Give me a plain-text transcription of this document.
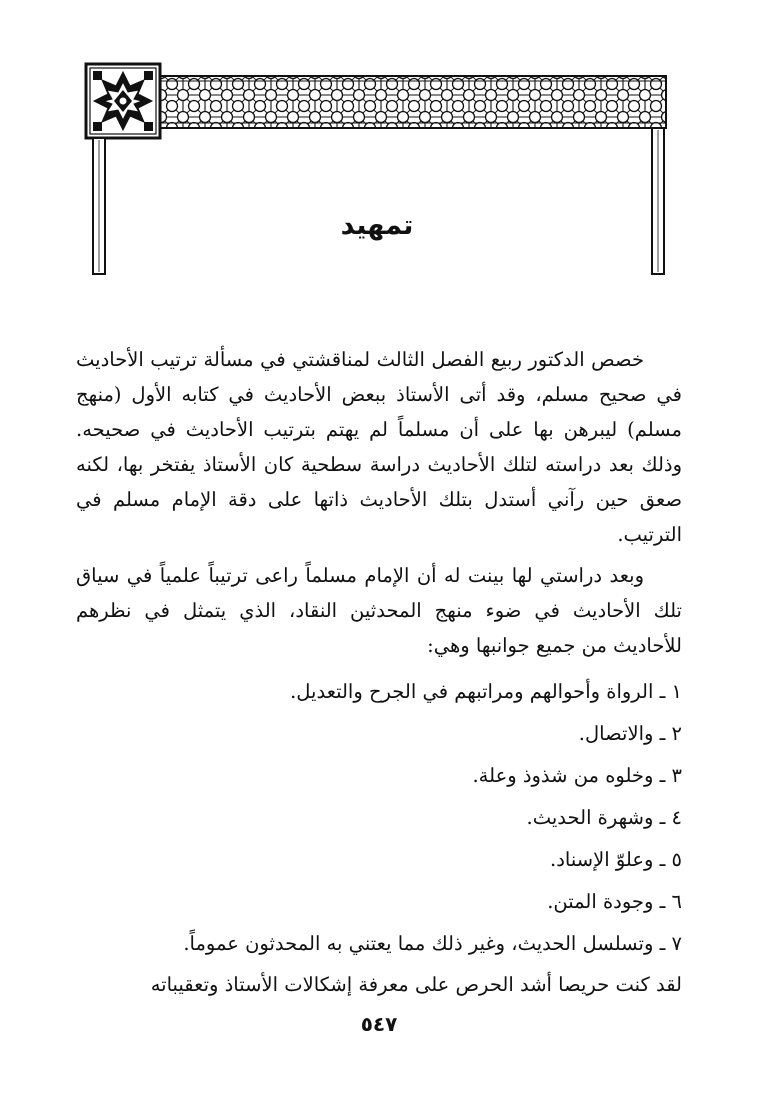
تمهيد

خصص الدكتور ربيع الفصل الثالث لمناقشتي في مسألة ترتيب الأحاديث في صحيح مسلم، وقد أتى الأستاذ ببعض الأحاديث في كتابه الأول (منهج مسلم) ليبرهن بها على أن مسلماً لم يهتم بترتيب الأحاديث في صحيحه. وذلك بعد دراسته لتلك الأحاديث دراسة سطحية كان الأستاذ يفتخر بها، لكنه صعق حين رآني أستدل بتلك الأحاديث ذاتها على دقة الإمام مسلم في الترتيب.

وبعد دراستي لها بينت له أن الإمام مسلماً راعى ترتيباً علمياً في سياق تلك الأحاديث في ضوء منهج المحدثين النقاد، الذي يتمثل في نظرهم للأحاديث من جميع جوانبها وهي:

١ ـ الرواة وأحوالهم ومراتبهم في الجرح والتعديل.
٢ ـ والاتصال.
٣ ـ وخلوه من شذوذ وعلة.
٤ ـ وشهرة الحديث.
٥ ـ وعلوّ الإسناد.
٦ ـ وجودة المتن.
٧ ـ وتسلسل الحديث، وغير ذلك مما يعتني به المحدثون عموماً.

لقد كنت حريصا أشد الحرص على معرفة إشكالات الأستاذ وتعقيباته

٥٤٧
